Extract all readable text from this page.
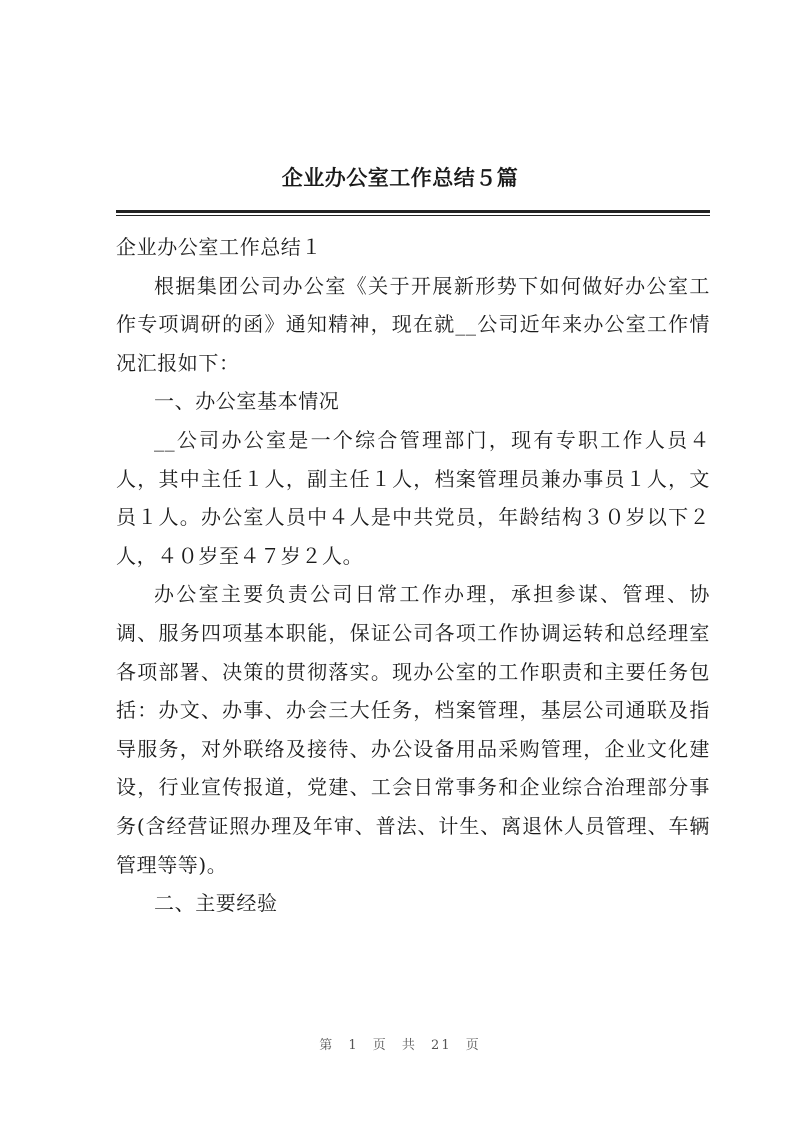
企业办公室工作总结５篇

企业办公室工作总结１

根据集团公司办公室《关于开展新形势下如何做好办公室工作专项调研的函》通知精神，现在就__公司近年来办公室工作情况汇报如下：

一、办公室基本情况

__公司办公室是一个综合管理部门，现有专职工作人员４人，其中主任１人，副主任１人，档案管理员兼办事员１人，文员１人。办公室人员中４人是中共党员，年龄结构３０岁以下２人，４０岁至４７岁２人。

办公室主要负责公司日常工作办理，承担参谋、管理、协调、服务四项基本职能，保证公司各项工作协调运转和总经理室各项部署、决策的贯彻落实。现办公室的工作职责和主要任务包括：办文、办事、办会三大任务，档案管理，基层公司通联及指导服务，对外联络及接待、办公设备用品采购管理，企业文化建设，行业宣传报道，党建、工会日常事务和企业综合治理部分事务(含经营证照办理及年审、普法、计生、离退休人员管理、车辆管理等等)。

二、主要经验

第 1 页 共 21 页
